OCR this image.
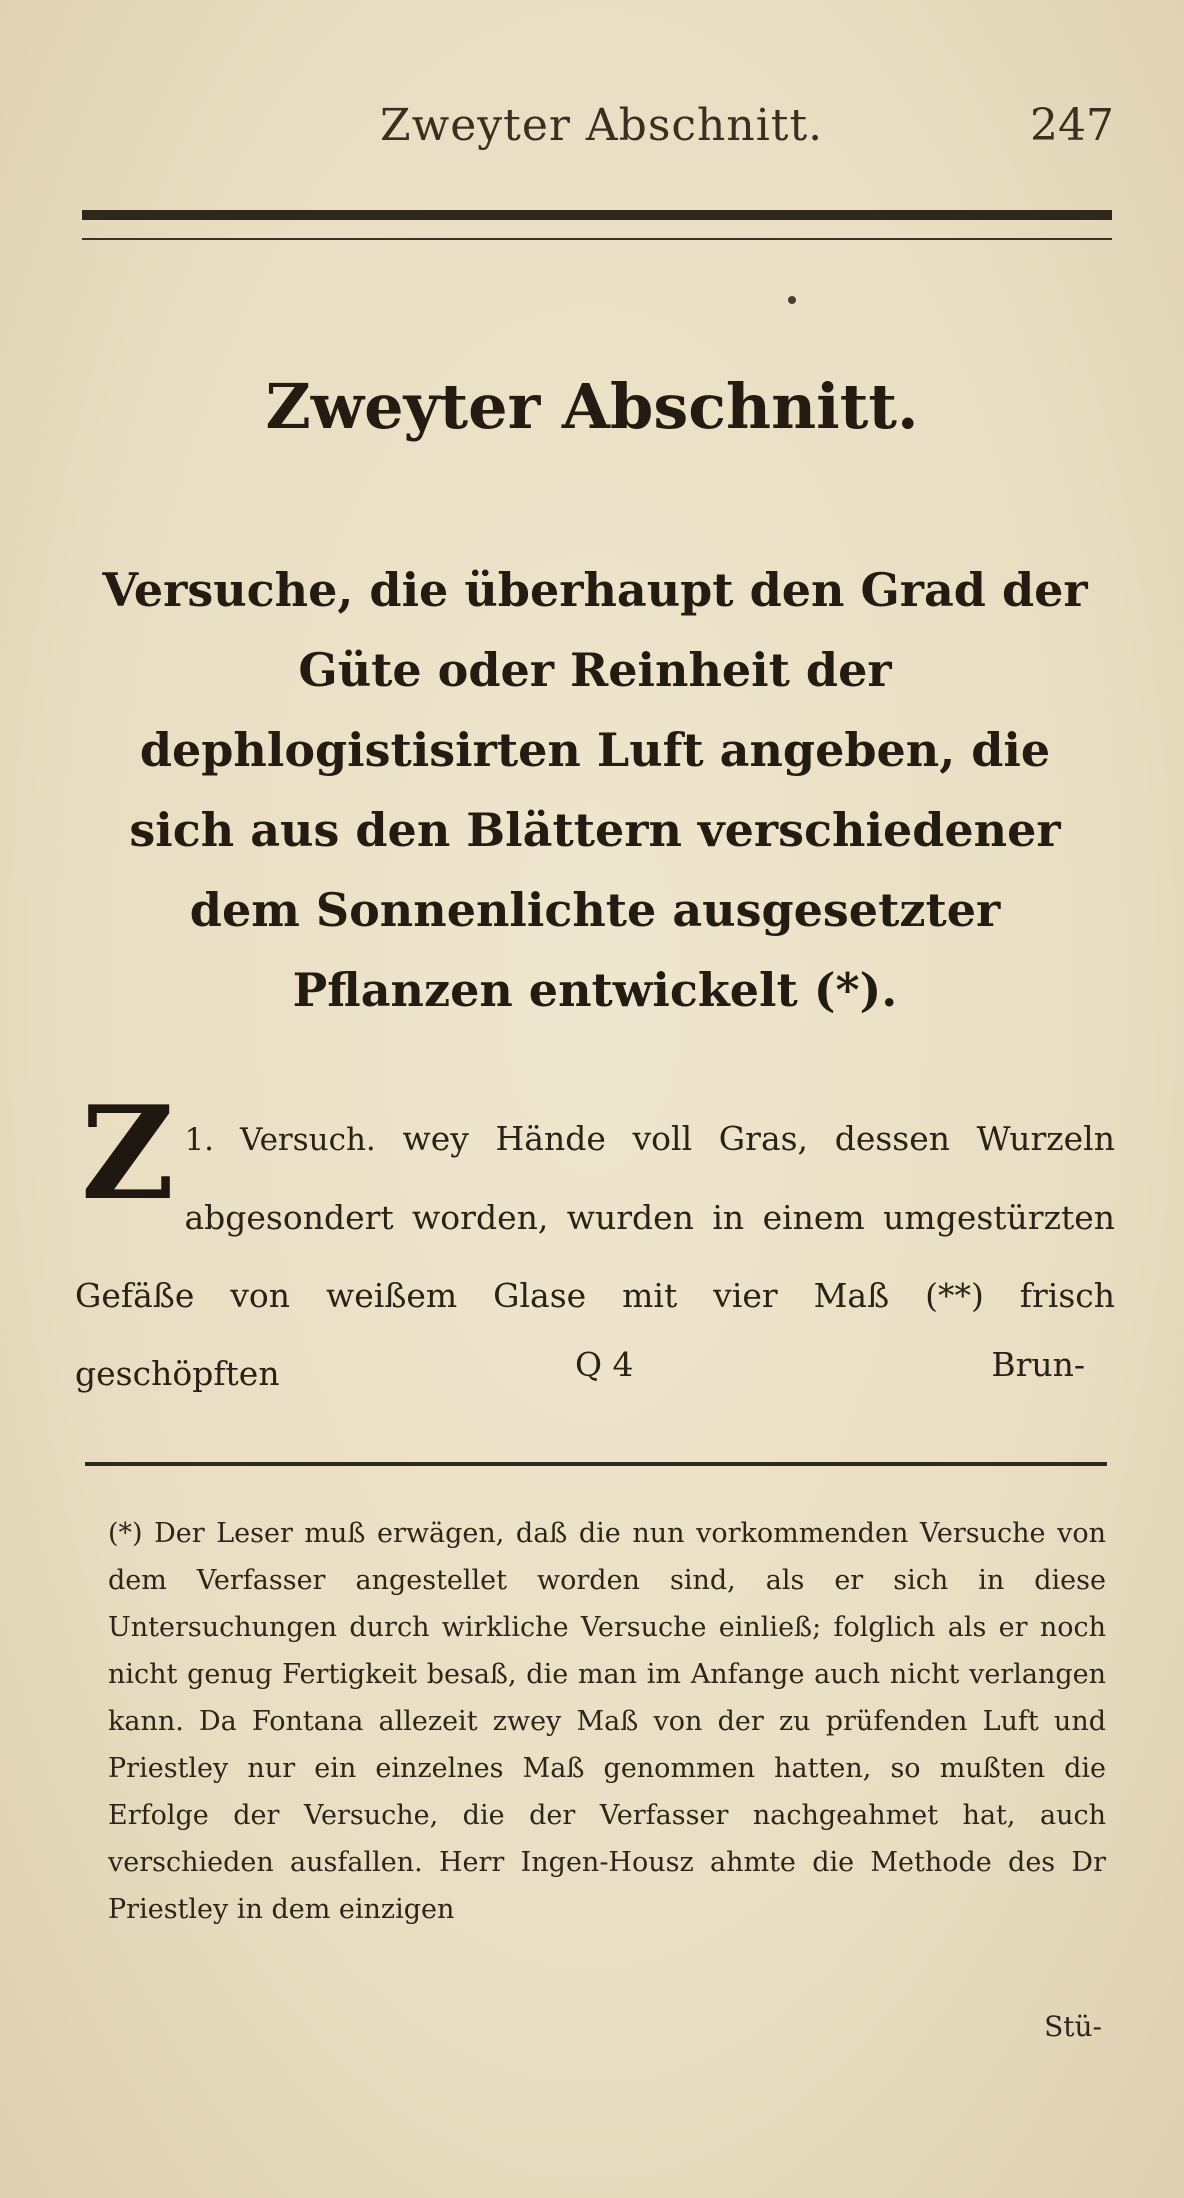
Zweyter Abschnitt.	247
Zweyter Abschnitt.
Versuche, die überhaupt den Grad der Güte oder Reinheit der dephlogistisirten Luft angeben, die sich aus den Blättern verschiedener dem Sonnenlichte ausgesetzter Pflanzen entwickelt (*).
1. Versuch.
Z	wey Hände voll Gras, dessen Wurzeln abgesondert worden, wurden in einem umgestürzten Gefäße von weißem Glase mit vier Maß (**) frisch geschöpften	Q 4	Brun-
(*) Der Leser muß erwägen, daß die nun vorkommenden Versuche von dem Verfasser angestellet worden sind, als er sich in diese Untersuchungen durch wirkliche Versuche einließ; folglich als er noch nicht genug Fertigkeit besaß, die man im Anfange auch nicht verlangen kann. Da Fontana allezeit zwey Maß von der zu prüfenden Luft und Priestley nur ein einzelnes Maß genommen hatten, so mußten die Erfolge der Versuche, die der Verfasser nachgeahmet hat, auch verschieden ausfallen. Herr Ingen-Housz ahmte die Methode des Dr Priestley in dem einzigen
Stü-
